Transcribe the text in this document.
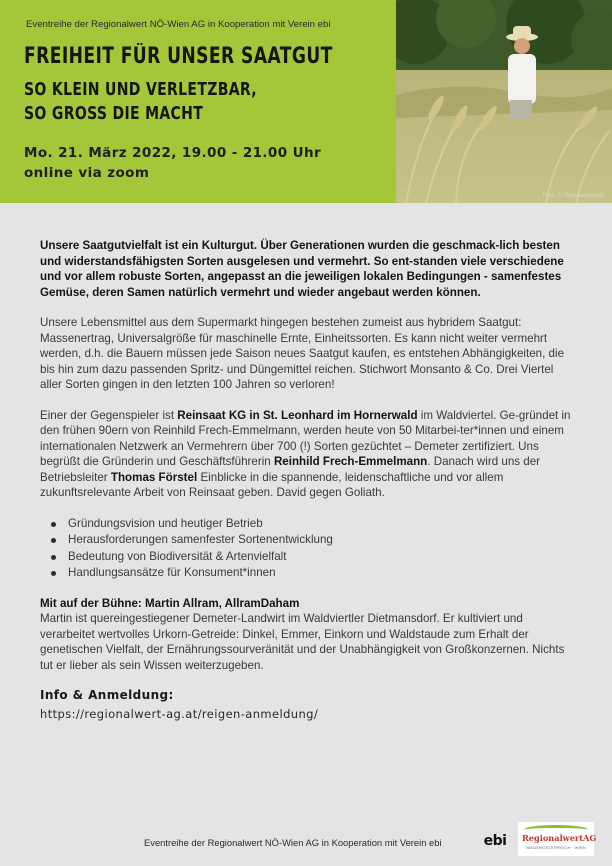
Eventreihe der Regionalwert NÖ-Wien AG in Kooperation mit Verein ebi
FREIHEIT FÜR UNSER SAATGUT
SO KLEIN UND VERLETZBAR,
SO GROSS DIE MACHT
Mo. 21. März 2022, 19.00 - 21.00 Uhr
online via zoom
Foto: © Reinsaat/privat

Unsere Saatgutvielfalt ist ein Kulturgut. Über Generationen wurden die geschmack-lich besten und widerstandsfähigsten Sorten ausgelesen und vermehrt. So ent-standen viele verschiedene und vor allem robuste Sorten, angepasst an die jeweiligen lokalen Bedingungen - samenfestes Gemüse, deren Samen natürlich vermehrt und wieder angebaut werden können.

Unsere Lebensmittel aus dem Supermarkt hingegen bestehen zumeist aus hybridem Saatgut: Massenertrag, Universalgröße für maschinelle Ernte, Einheitssorten. Es kann nicht weiter vermehrt werden, d.h. die Bauern müssen jede Saison neues Saatgut kaufen, es entstehen Abhängigkeiten, die bis hin zum dazu passenden Spritz- und Düngemittel reichen. Stichwort Monsanto & Co. Drei Viertel aller Sorten gingen in den letzten 100 Jahren so verloren!

Einer der Gegenspieler ist Reinsaat KG in St. Leonhard im Hornerwald im Waldviertel. Ge-gründet in den frühen 90ern von Reinhild Frech-Emmelmann, werden heute von 50 Mitarbei-ter*innen und einem internationalen Netzwerk an Vermehrern über 700 (!) Sorten gezüchtet – Demeter zertifiziert. Uns begrüßt die Gründerin und Geschäftsführerin Reinhild Frech-Emmelmann. Danach wird uns der Betriebsleiter Thomas Förstel Einblicke in die spannende, leidenschaftliche und vor allem zukunftsrelevante Arbeit von Reinsaat geben. David gegen Goliath.

Gründungsvision und heutiger Betrieb
Herausforderungen samenfester Sortenentwicklung
Bedeutung von Biodiversität & Artenvielfalt
Handlungsansätze für Konsument*innen
Mit auf der Bühne: Martin Allram, AllramDaham

Martin ist quereingestiegener Demeter-Landwirt im Waldviertler Dietmansdorf. Er kultiviert und verarbeitet wertvolles Urkorn-Getreide: Dinkel, Emmer, Einkorn und Waldstaude zum Erhalt der genetischen Vielfalt, der Ernährungssourveränität und der Unabhängigkeit von Großkonzernen. Nichts tut er lieber als sein Wissen weiterzugeben.

Info & Anmeldung:
https://regionalwert-ag.at/reigen-anmeldung/
Eventreihe der Regionalwert NÖ-Wien AG in Kooperation mit Verein ebi	ebi RegionalwertAG
NIEDERÖSTERREICH · WIEN
